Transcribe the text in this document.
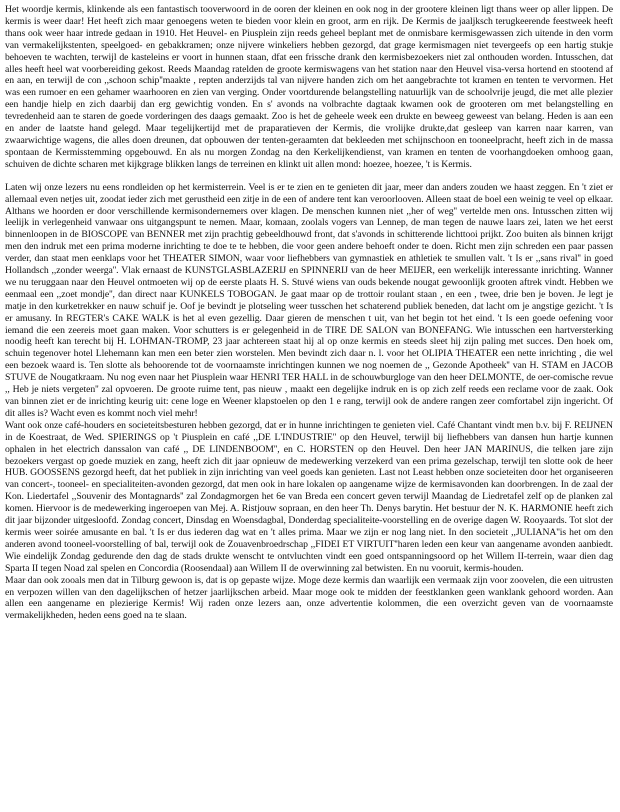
Het woordje kermis, klinkende als een fantastisch tooverwoord in de ooren der kleinen en ook nog in der grootere kleinen ligt thans weer op aller lippen. De kermis is weer daar! Het heeft zich maar genoegens weten te bieden voor klein en groot, arm en rijk. De Kermis de jaaljksch terugkeerende feestweek heeft thans ook weer haar intrede gedaan in 1910. Het Heuvel- en Piusplein zijn reeds geheel beplant met de onmisbare kermisgewassen zich uitende in den vorm van vermakelijkstenten, speelgoed- en gebakkramen; onze nijvere winkeliers hebben gezorgd, dat grage kermismagen niet tevergeefs op een hartig stukje behoeven te wachten, terwijl de kasteleins er voort in hunnen staan, dfat een frissche drank den kermisbezoekers niet zal onthouden worden. Intusschen, dat alles heeft heel wat voorbereiding gekost. Reeds Maandag ratelden de groote kermiswagens van het station naar den Heuvel visa-versa hortend en stootend af en aan, en terwijl de con ,,schoon schip''maakte , repten anderzijds tal van nijvere handen zich om het aangebrachte tot kramen en tenten te vervormen. Het was een rumoer en een gehamer waarhooren en zien van verging. Onder voortdurende belangstelling natuurlijk van de schoolvrije jeugd, die met alle plezier een handje hielp en zich daarbij dan erg gewichtig vonden. En s' avonds na volbrachte dagtaak kwamen ook de grooteren om met belangstelling en tevredenheid aan te staren de goede vorderingen des daags gemaakt. Zoo is het de geheele week een drukte en beweeg geweest van belang. Heden is aan een en ander de laatste hand gelegd. Maar tegelijkertijd met de praparatieven der Kermis, die vrolijke drukte,dat gesleep van karren naar karren, van zwaarwichtige wagens, die alles doen dreunen, dat opbouwen der tenten-geraamten dat bekleeden met schijnschoon en tooneelpracht, heeft zich in de massa spontaan de Kermisstemming opgebouwd. En als nu morgen Zondag na den Kerkelijkendienst, van kramen en tenten de voorhangdoeken omhoog gaan, schuiven de dichte scharen met kijkgrage blikken langs de terreinen en klinkt uit allen mond: hoezee, hoezee, 't is Kermis.

Laten wij onze lezers nu eens rondleiden op het kermisterrein. Veel is er te zien en te genieten dit jaar, meer dan anders zouden we haast zeggen. En 't ziet er allemaal even netjes uit, zoodat ieder zich met gerustheid een zitje in de een of andere tent kan veroorlooven. Alleen staat de boel een weinig te veel op elkaar. Althans we hoorden er door verschillende kermisondernemers over klagen. De menschen kunnen niet ,,her of weg'' vertelde men ons. Intusschen zitten wij leelijk in verlegenheid vanwaar ons uitgangspunt te nemen. Maar, komaan, zoolals vogers van Lennep, de man tegen de nauwe laars zei, laten we het eerst binnenloopen in de BIOSCOPE van BENNER met zijn prachtig gebeeldhouwd front, dat s'avonds in schitterende lichttooi prijkt. Zoo buiten als binnen krijgt men den indruk met een prima moderne inrichting te doe te te hebben, die voor geen andere behoeft onder te doen. Richt men zijn schreden een paar passen verder, dan staat men eenklaps voor het THEATER SIMON, waar voor liefhebbers van gymnastiek en athletiek te smullen valt. 't Is er ,,sans rival'' in goed Hollandsch ,,zonder weerga''. Vlak ernaast de KUNSTGLASBLAZERIJ en SPINNERIJ van de heer MEIJER, een werkelijk interessante inrichting. Wanner we nu teruggaan naar den Heuvel ontmoeten wij op de eerste plaats H. S. Stuvé wiens van ouds bekende nougat gewoonlijk grooten aftrek vindt. Hebben we eenmaal een ,,zoet mondje'', dan direct naar KUNKELS TOBOGAN. Je gaat maar op de trottoir roulant staan , en een , twee, drie ben je boven. Je legt je matje in den kurketrekker en nauw schuif je. Oof je bevindt je plotseling weer tusschen het schaterend publiek beneden, dat lacht om je angstige gezicht. 't Is er amusany. In REGTER's CAKE WALK is het al even gezellig. Daar gieren de menschen t uit, van het begin tot het eind. 't Is een goede oefening voor iemand die een zeereis moet gaan maken. Voor schutters is er gelegenheid in de TIRE DE SALON van BONEFANG. Wie intusschen een hartversterking noodig heeft kan terecht bij H. LOHMAN-TROMP, 23 jaar achtereen staat hij al op onze kermis en steeds sleet hij zijn paling met succes. Den hoek om, schuin tegenover hotel Llehemann kan men een beter zien worstelen. Men bevindt zich daar n. l. voor het OLIPIA THEATER een nette inrichting , die wel een bezoek waard is. Ten slotte als behoorende tot de voornaamste inrichtingen kunnen we nog noemen de ,, Gezonde Apotheek'' van H. STAM en JACOB STUVE de Nougatkraam. Nu nog even naar het Piusplein waar HENRI TER HALL in de schouwburgloge van den heer DELMONTE, de oer-comische revue ,, Heb je niets vergeten'' zal opvoeren. De groote ruime tent, pas nieuw , maakt een degelijke indruk en is op zich zelf reeds een reclame voor de zaak. Ook van binnen ziet er de inrichting keurig uit: cene loge en Weener klapstoelen op den 1 e rang, terwijl ook de andere rangen zeer comfortabel zijn ingericht. Of dit alles is? Wacht even es kommt noch viel mehr!

Want ook onze café-houders en societeitsbesturen hebben gezorgd, dat er in hunne inrichtingen te genieten viel. Café Chantant vindt men b.v. bij F. REIJNEN in de Koestraat, de Wed. SPIERINGS op 't Piusplein en café ,,DE L'INDUSTRIE'' op den Heuvel, terwijl bij liefhebbers van dansen hun hartje kunnen ophalen in het electrich danssalon van café ,, DE LINDENBOOM'', en C. HORSTEN op den Heuvel. Den heer JAN MARINUS, die telken jare zijn bezoekers vergast op goede muziek en zang, heeft zich dit jaar opnieuw de medewerking verzekerd van een prima gezelschap, terwijl ten slotte ook de heer HUB. GOOSSENS gezorgd heeft, dat het publiek in zijn inrichting van veel goeds kan genieten. Last not Least hebben onze societeiten door het organiseeren van concert-, tooneel- en specialiteiten-avonden gezorgd, dat men ook in hare lokalen op aangename wijze de kermisavonden kan doorbrengen. In de zaal der Kon. Liedertafel ,,Souvenir des Montagnards'' zal Zondagmorgen het 6e van Breda een concert geven terwijl Maandag de Liedretafel zelf op de planken zal komen. Hiervoor is de medewerking ingeroepen van Mej. A. Ristjouw sopraan, en den heer Th. Denys barytin. Het bestuur der N. K. HARMONIE heeft zich dit jaar bijzonder uitgesloofd. Zondag concert, Dinsdag en Woensdagbal, Donderdag specialiteite-voorstelling en de overige dagen W. Rooyaards. Tot slot der kermis weer soirée amusante en bal. 't Is er dus iederen dag wat en 't alles prima. Maar we zijn er nog lang niet. In den societeit ,,JULIANA''is het om den anderen avond tooneel-voorstelling of bal, terwijl ook de Zouavenbroedrschap ,,FIDEI ET VIRTUIT''haren leden een keur van aangename avonden aanbiedt. Wie eindelijk Zondag gedurende den dag de stads drukte wenscht te ontvluchten vindt een goed ontspanningsoord op het Willem II-terrein, waar dien dag Sparta II tegen Noad zal spelen en Concordia (Roosendaal) aan Willem II de overwinning zal betwisten. En nu vooruit, kermis-houden.

Maar dan ook zooals men dat in Tilburg gewoon is, dat is op gepaste wijze. Moge deze kermis dan waarlijk een vermaak zijn voor zoovelen, die een uitrusten en verpozen willen van den dagelijkschen of hetzer jaarlijkschen arbeid. Maar moge ook te midden der feestklanken geen wanklank gehoord worden. Aan allen een aangename en plezierige Kermis! Wij raden onze lezers aan, onze advertentie kolommen, die een overzicht geven van de voornaamste vermakelijkheden, heden eens goed na te slaan.
